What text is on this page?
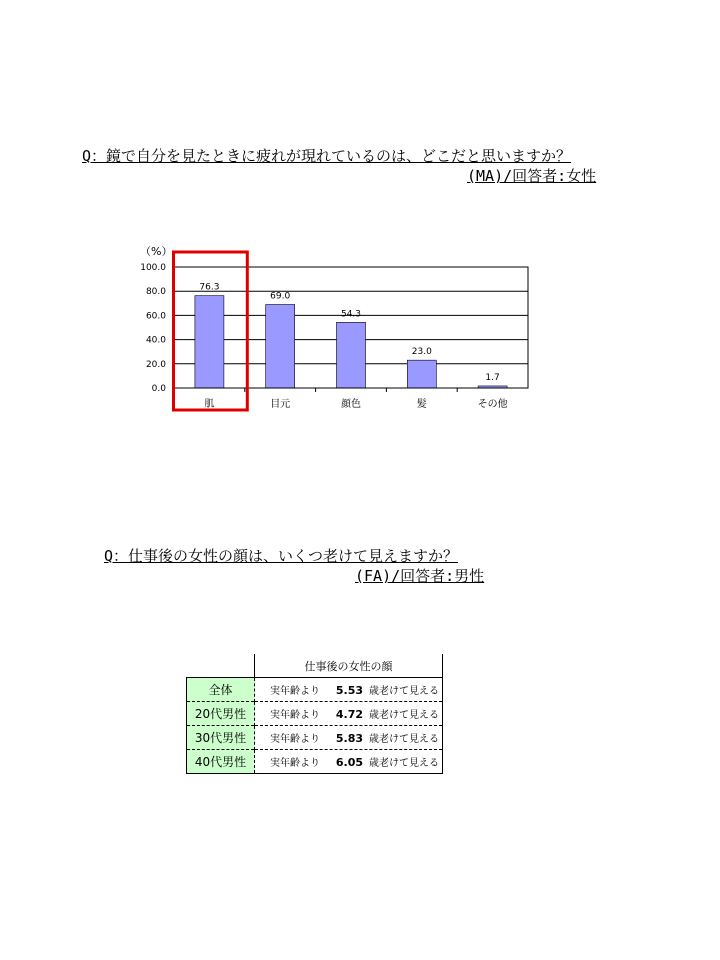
Q：鏡で自分を見たときに疲れが現れているのは、どこだと思いますか？
(MA)/回答者:女性
（%）
0.0
20.0
40.0
60.0
80.0
100.0
76.3
肌
69.0
目元
54.3
顔色
23.0
髪
1.7
その他
Q：仕事後の女性の顔は、いくつ老けて見えますか？
(FA)/回答者:男性
	仕事後の女性の顔
全体	実年齢より 5.53 歳老けて見える
20代男性	実年齢より 4.72 歳老けて見える
30代男性	実年齢より 5.83 歳老けて見える
40代男性	実年齢より 6.05 歳老けて見える
